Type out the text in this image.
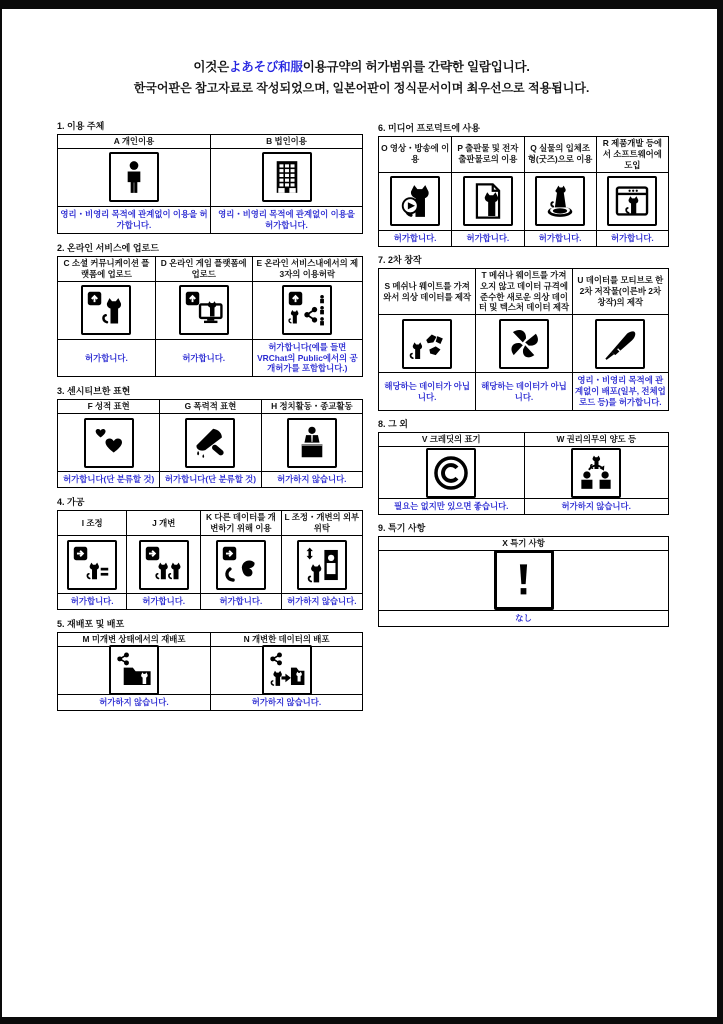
이것은よあそび和服이용규약의 허가범위를 간략한 일람입니다.
한국어판은 참고자료로 작성되었으며, 일본어판이 정식문서이며 최우선으로 적용됩니다.
1. 이용 주체
A 개인이용
영리・비영리 목적에 관계없이 이용을 허가합니다.
B 법인이용
영리・비영리 목적에 관계없이 이용을 허가합니다.
2. 온라인 서비스에 업로드
C 소셜 커뮤니케이션 플랫폼에 업로드
허가합니다.
D 온라인 게임 플랫폼에 업로드
허가합니다.
E 온라인 서비스내에서의 제3자의 이용허락
허가합니다(예를 들면 VRChat의 Public에서의 공개허가를 포함합니다.)
3. 센시티브한 표현
F 성적 표현
허가합니다(단 분류할 것)
G 폭력적 표현
허가합니다(단 분류할 것)
H 정치활동・종교활동
허가하지 않습니다.
4. 가공
I 조정
허가합니다.
J 개변
허가합니다.
K 다른 데이터를 개변하기 위해 이용
허가합니다.
L 조정・개변의 외부위탁
허가하지 않습니다.
5. 재배포 및 배포
M 미개변 상태에서의 재배포
허가하지 않습니다.
N 개변한 데이터의 배포
허가하지 않습니다.
6. 미디어 프로덕트에 사용
O 영상・방송에 이용
허가합니다.
P 출판물 및 전자출판물로의 이용
허가합니다.
Q 실물의 입체조형(굿즈)으로 이용
허가합니다.
R 제품개발 등에서 소프트웨어에 도입
허가합니다.
7. 2차 창작
S 메쉬나 웨이트를 가져와서 의상 데이터를 제작
해당하는 데이터가 아닙니다.
T 메쉬나 웨이트를 가져오지 않고 데이터 규격에 준수한 새로운 의상 데이터 및 텍스처 데이터 제작
해당하는 데이터가 아닙니다.
U 데이터를 모티브로 한 2차 저작물(이른바 2차 창작)의 제작
영리・비영리 목적에 관계없이 배포(일부, 전체업로드 등)를 허가합니다.
8. 그 외
V 크레딧의 표기
필요는 없지만 있으면 좋습니다.
W 권리의무의 양도 등
허가하지 않습니다.
9. 특기 사항
X 특기 사항
なし
